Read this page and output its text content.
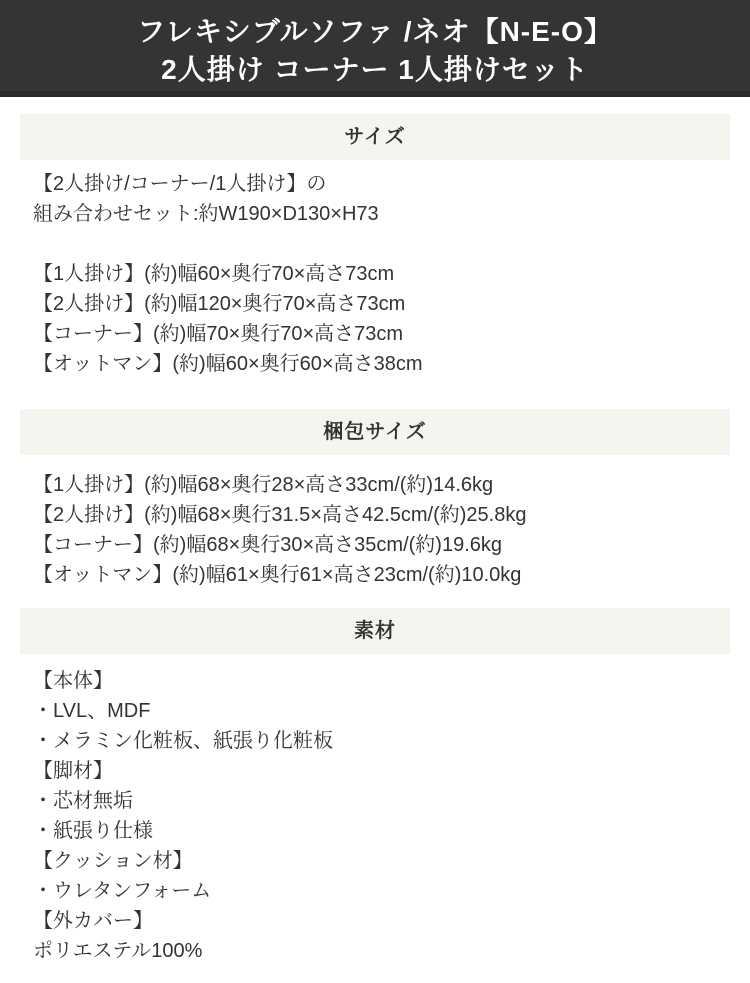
フレキシブルソファ /ネオ【N-E-O】
2人掛け コーナー 1人掛けセット
サイズ
【2人掛け/コーナー/1人掛け】の
組み合わせセット:約W190×D130×H73
【1人掛け】(約)幅60×奥行70×高さ73cm
【2人掛け】(約)幅120×奥行70×高さ73cm
【コーナー】(約)幅70×奥行70×高さ73cm
【オットマン】(約)幅60×奥行60×高さ38cm
梱包サイズ
【1人掛け】(約)幅68×奥行28×高さ33cm/(約)14.6kg
【2人掛け】(約)幅68×奥行31.5×高さ42.5cm/(約)25.8kg
【コーナー】(約)幅68×奥行30×高さ35cm/(約)19.6kg
【オットマン】(約)幅61×奥行61×高さ23cm/(約)10.0kg
素材
【本体】
・LVL、MDF
・メラミン化粧板、紙張り化粧板
【脚材】
・芯材無垢
・紙張り仕様
【クッション材】
・ウレタンフォーム
【外カバー】
ポリエステル100%
